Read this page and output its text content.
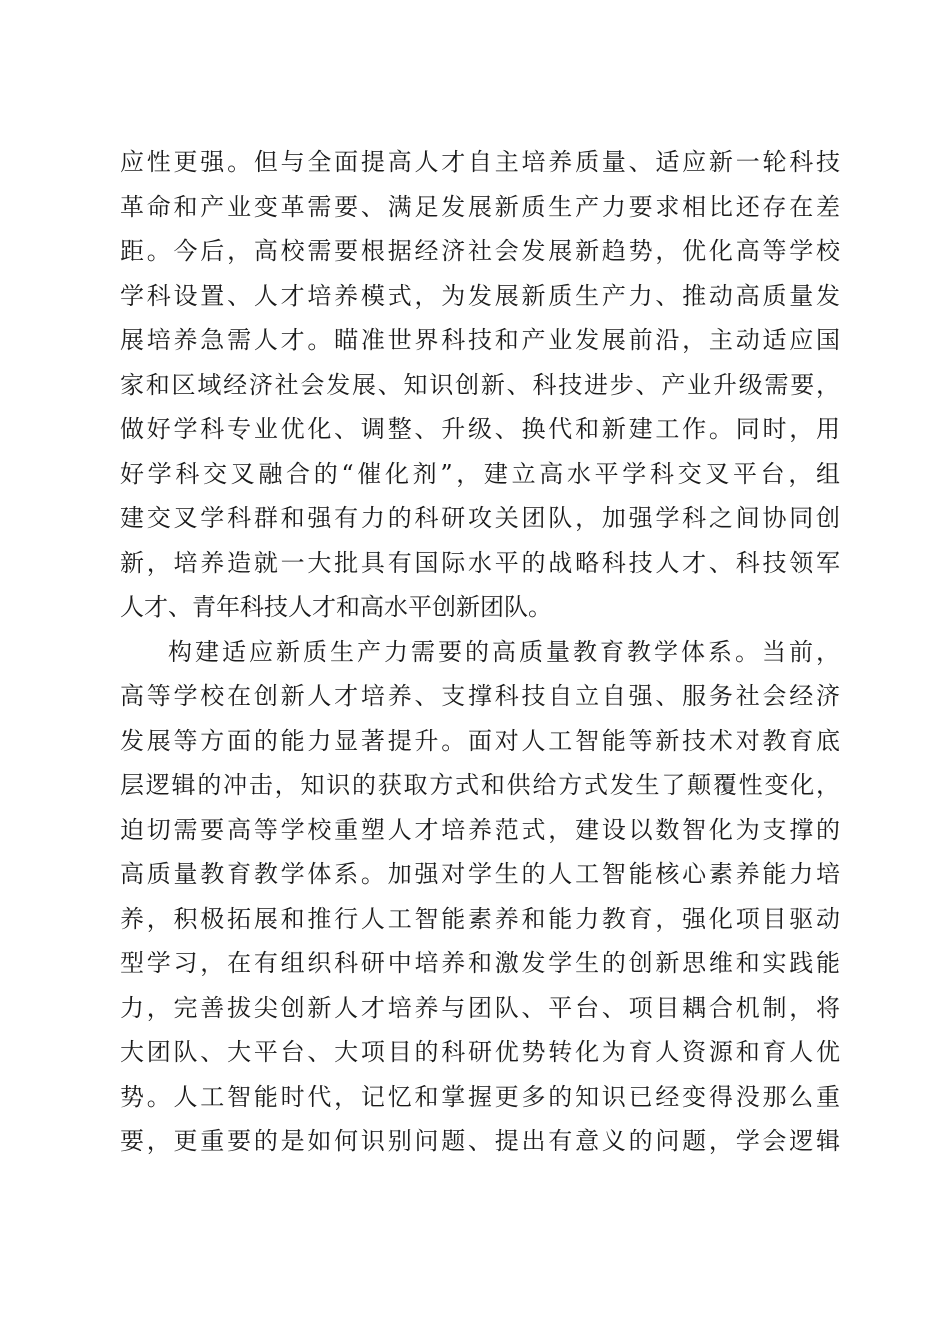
应性更强。但与全面提高人才自主培养质量、适应新一轮科技
革命和产业变革需要、满足发展新质生产力要求相比还存在差
距。今后，高校需要根据经济社会发展新趋势，优化高等学校
学科设置、人才培养模式，为发展新质生产力、推动高质量发
展培养急需人才。瞄准世界科技和产业发展前沿，主动适应国
家和区域经济社会发展、知识创新、科技进步、产业升级需要，
做好学科专业优化、调整、升级、换代和新建工作。同时，用
好学科交叉融合的“催化剂”，建立高水平学科交叉平台，组
建交叉学科群和强有力的科研攻关团队，加强学科之间协同创
新，培养造就一大批具有国际水平的战略科技人才、科技领军
人才、青年科技人才和高水平创新团队。
构建适应新质生产力需要的高质量教育教学体系。当前，
高等学校在创新人才培养、支撑科技自立自强、服务社会经济
发展等方面的能力显著提升。面对人工智能等新技术对教育底
层逻辑的冲击，知识的获取方式和供给方式发生了颠覆性变化，
迫切需要高等学校重塑人才培养范式，建设以数智化为支撑的
高质量教育教学体系。加强对学生的人工智能核心素养能力培
养，积极拓展和推行人工智能素养和能力教育，强化项目驱动
型学习，在有组织科研中培养和激发学生的创新思维和实践能
力，完善拔尖创新人才培养与团队、平台、项目耦合机制，将
大团队、大平台、大项目的科研优势转化为育人资源和育人优
势。人工智能时代，记忆和掌握更多的知识已经变得没那么重
要，更重要的是如何识别问题、提出有意义的问题，学会逻辑
